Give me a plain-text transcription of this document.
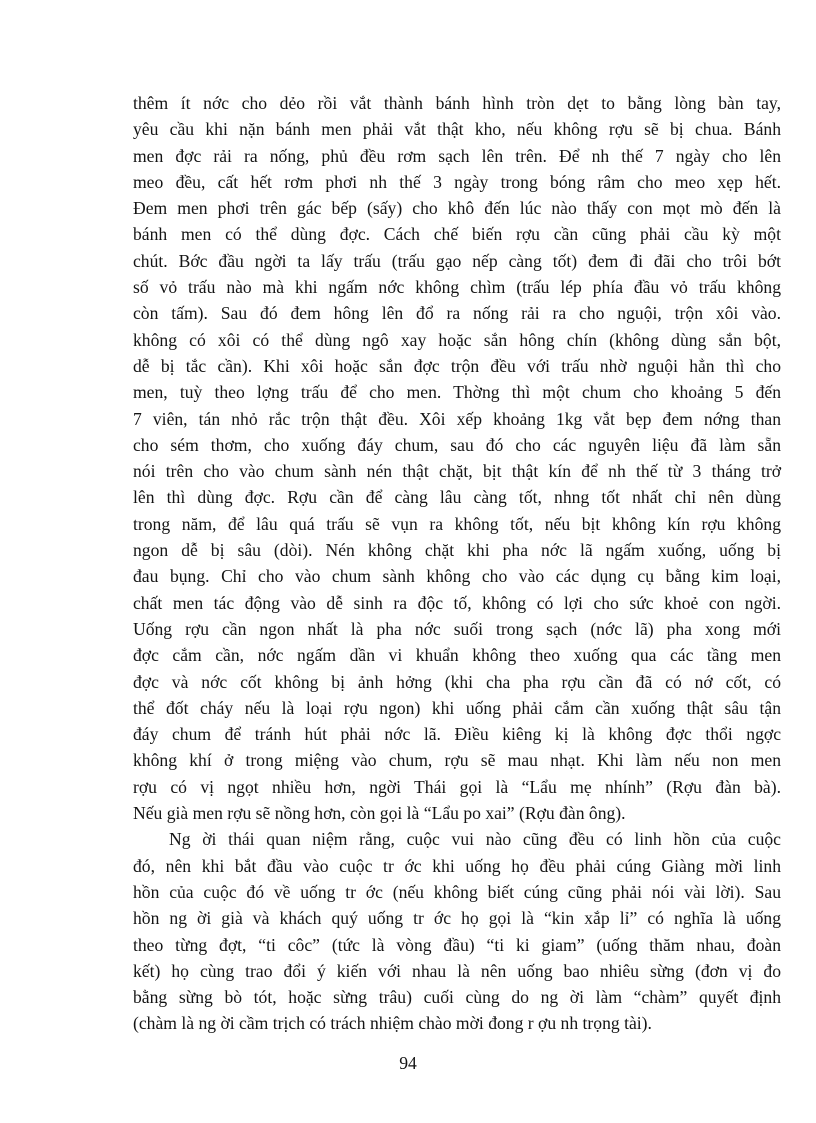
thêm ít nớc cho dẻo rồi vắt thành bánh hình tròn dẹt to bằng lòng bàn tay,
yêu cầu khi nặn bánh men phải vắt thật kho, nếu không rợu sẽ bị chua. Bánh
men đợc rải ra nống, phủ đều rơm sạch lên trên. Để nh thế 7 ngày cho lên
meo đều, cất hết rơm phơi nh thế 3 ngày trong bóng râm cho meo xẹp hết.
Đem men phơi trên gác bếp (sấy) cho khô đến lúc nào thấy con mọt mò đến là
bánh men có thể dùng đợc. Cách chế biến rợu cần cũng phải cầu kỳ một
chút. Bớc đầu ngời ta lấy trấu (trấu gạo nếp càng tốt) đem đi đãi cho trôi bớt
số vỏ trấu nào mà khi ngấm nớc không chìm (trấu lép phía đầu vỏ trấu không
còn tấm). Sau đó đem hông lên đổ ra nống rải ra cho nguội, trộn xôi vào.
không có xôi có thể dùng ngô xay hoặc sắn hông chín (không dùng sắn bột,
dễ bị tắc cần). Khi xôi hoặc sắn đợc trộn đều với trấu nhờ nguội hẳn thì cho
men, tuỳ theo lợng trấu để cho men. Thờng thì một chum cho khoảng 5 đến
7 viên, tán nhỏ rắc trộn thật đều. Xôi xếp khoảng 1kg vắt bẹp đem nớng than
cho sém thơm, cho xuống đáy chum, sau đó cho các nguyên liệu đã làm sẵn
nói trên cho vào chum sành nén thật chặt, bịt thật kín để nh thế từ 3 tháng trở
lên thì dùng đợc. Rợu cần để càng lâu càng tốt, nhng tốt nhất chỉ nên dùng
trong năm, để lâu quá trấu sẽ vụn ra không tốt, nếu bịt không kín rợu không
ngon dễ bị sâu (dòi). Nén không chặt khi pha nớc lã ngấm xuống, uống bị
đau bụng. Chỉ cho vào chum sành không cho vào các dụng cụ bằng kim loại,
chất men tác động vào dễ sinh ra độc tố, không có lợi cho sức khoẻ con ngời.
Uống rợu cần ngon nhất là pha nớc suối trong sạch (nớc lã) pha xong mới
đợc cắm cần, nớc ngấm dần vi khuẩn không theo xuống qua các tầng men
đợc và nớc cốt không bị ảnh hởng (khi cha pha rợu cần đã có nớ cốt, có
thể đốt cháy nếu là loại rợu ngon) khi uống phải cắm cần xuống thật sâu tận
đáy chum để tránh hút phải nớc lã. Điều kiêng kị là không đợc thổi ngợc
không khí ở trong miệng vào chum, rợu sẽ mau nhạt. Khi làm nếu non men
rợu có vị ngọt nhiều hơn, ngời Thái gọi là “Lẩu mẹ nhính” (Rợu đàn bà).
Nếu già men rợu sẽ nồng hơn, còn gọi là “Lẩu po xai” (Rợu đàn ông).
Ng ời thái quan niệm rằng, cuộc vui nào cũng đều có linh hồn của cuộc
đó, nên khi bắt đầu vào cuộc tr ớc khi uống họ đều phải cúng Giàng mời linh
hồn của cuộc đó về uống tr ớc (nếu không biết cúng cũng phải nói vài lời). Sau
hồn ng ời già và khách quý uống tr ớc họ gọi là “kin xắp lỉ” có nghĩa là uống
theo từng đợt, “ti côc” (tức là vòng đầu) “ti ki giam” (uống thăm nhau, đoàn
kết) họ cùng trao đổi ý kiến với nhau là nên uống bao nhiêu sừng (đơn vị đo
bằng sừng bò tót, hoặc sừng trâu) cuối cùng do ng ời làm “chàm” quyết định
(chàm là ng ời cầm trịch có trách nhiệm chào mời đong r ợu nh trọng tài).
94
